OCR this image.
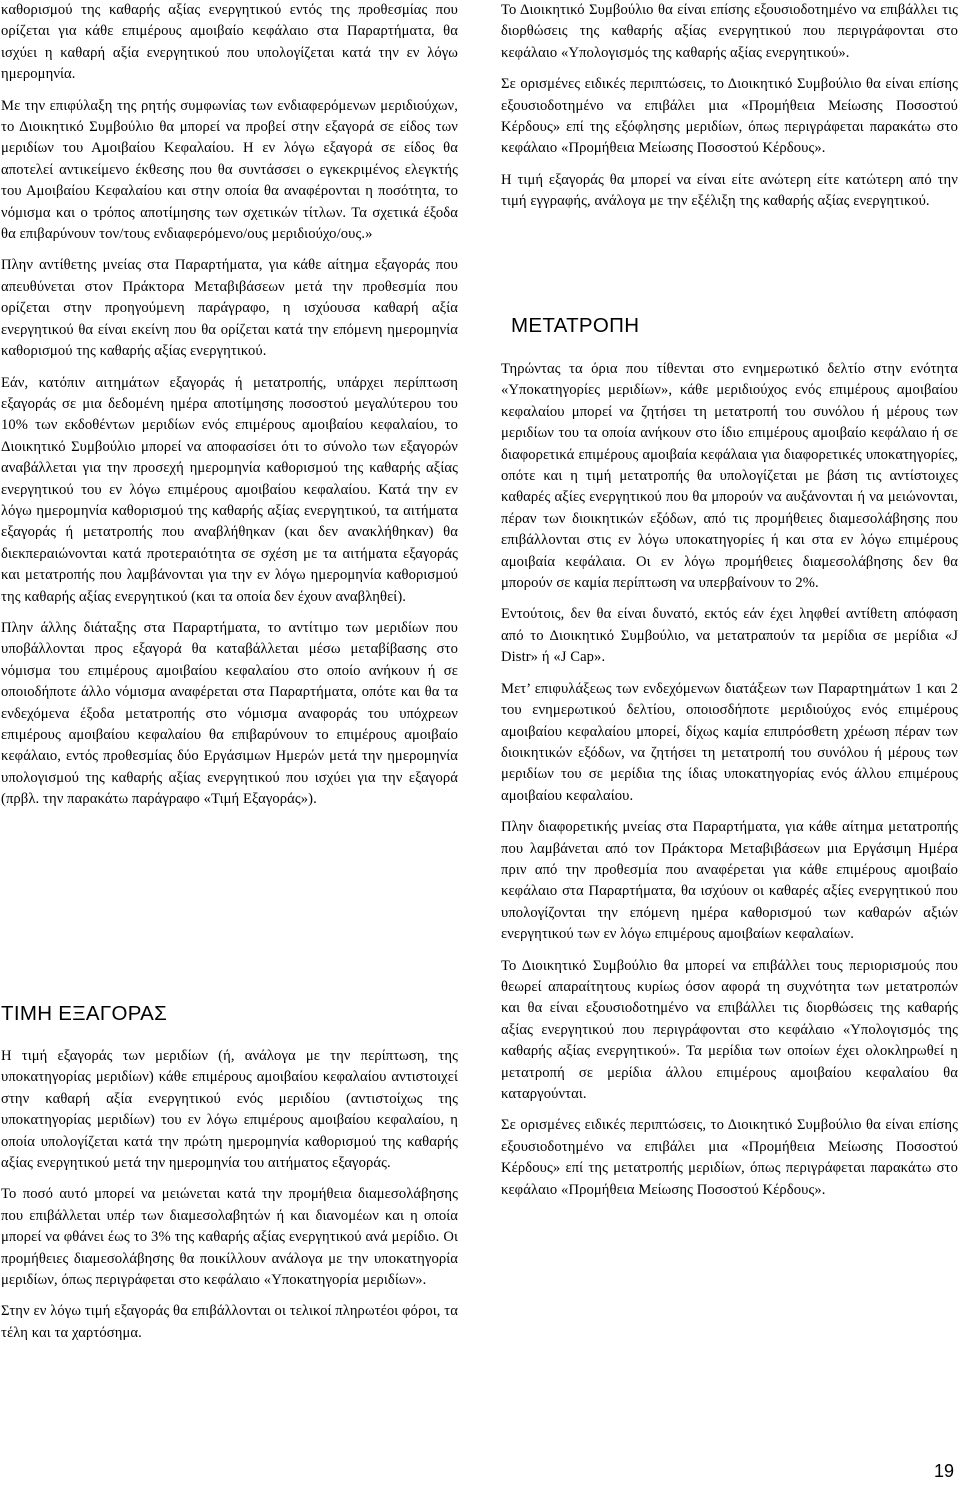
καθορισμού της καθαρής αξίας ενεργητικού εντός της προθεσμίας που ορίζεται για κάθε επιμέρους αμοιβαίο κεφάλαιο στα Παραρτήματα, θα ισχύει η καθαρή αξία ενεργητικού που υπολογίζεται κατά την εν λόγω ημερομηνία.

Με την επιφύλαξη της ρητής συμφωνίας των ενδιαφερόμενων μεριδιούχων, το Διοικητικό Συμβούλιο θα μπορεί να προβεί στην εξαγορά σε είδος των μεριδίων του Αμοιβαίου Κεφαλαίου. Η εν λόγω εξαγορά σε είδος θα αποτελεί αντικείμενο έκθεσης που θα συντάσσει ο εγκεκριμένος ελεγκτής του Αμοιβαίου Κεφαλαίου και στην οποία θα αναφέρονται η ποσότητα, το νόμισμα και ο τρόπος αποτίμησης των σχετικών τίτλων. Τα σχετικά έξοδα θα επιβαρύνουν τον/τους ενδιαφερόμενο/ους μεριδιούχο/ους.»

Πλην αντίθετης μνείας στα Παραρτήματα, για κάθε αίτημα εξαγοράς που απευθύνεται στον Πράκτορα Μεταβιβάσεων μετά την προθεσμία που ορίζεται στην προηγούμενη παράγραφο, η ισχύουσα καθαρή αξία ενεργητικού θα είναι εκείνη που θα ορίζεται κατά την επόμενη ημερομηνία καθορισμού της καθαρής αξίας ενεργητικού.

Εάν, κατόπιν αιτημάτων εξαγοράς ή μετατροπής, υπάρχει περίπτωση εξαγοράς σε μια δεδομένη ημέρα αποτίμησης ποσοστού μεγαλύτερου του 10% των εκδοθέντων μεριδίων ενός επιμέρους αμοιβαίου κεφαλαίου, το Διοικητικό Συμβούλιο μπορεί να αποφασίσει ότι το σύνολο των εξαγορών αναβάλλεται για την προσεχή ημερομηνία καθορισμού της καθαρής αξίας ενεργητικού του εν λόγω επιμέρους αμοιβαίου κεφαλαίου. Κατά την εν λόγω ημερομηνία καθορισμού της καθαρής αξίας ενεργητικού, τα αιτήματα εξαγοράς ή μετατροπής που αναβλήθηκαν (και δεν ανακλήθηκαν) θα διεκπεραιώνονται κατά προτεραιότητα σε σχέση με τα αιτήματα εξαγοράς και μετατροπής που λαμβάνονται για την εν λόγω ημερομηνία καθορισμού της καθαρής αξίας ενεργητικού (και τα οποία δεν έχουν αναβληθεί).

Πλην άλλης διάταξης στα Παραρτήματα, το αντίτιμο των μεριδίων που υποβάλλονται προς εξαγορά θα καταβάλλεται μέσω μεταβίβασης στο νόμισμα του επιμέρους αμοιβαίου κεφαλαίου στο οποίο ανήκουν ή σε οποιοδήποτε άλλο νόμισμα αναφέρεται στα Παραρτήματα, οπότε και θα τα ενδεχόμενα έξοδα μετατροπής στο νόμισμα αναφοράς του υπόχρεων επιμέρους αμοιβαίου κεφαλαίου θα επιβαρύνουν το επιμέρους αμοιβαίο κεφάλαιο, εντός προθεσμίας δύο Εργάσιμων Ημερών μετά την ημερομηνία υπολογισμού της καθαρής αξίας ενεργητικού που ισχύει για την εξαγορά (πρβλ. την παρακάτω παράγραφο «Τιμή Εξαγοράς»).

ΤΙΜΗ ΕΞΑΓΟΡΑΣ

Η τιμή εξαγοράς των μεριδίων (ή, ανάλογα με την περίπτωση, της υποκατηγορίας μεριδίων) κάθε επιμέρους αμοιβαίου κεφαλαίου αντιστοιχεί στην καθαρή αξία ενεργητικού ενός μεριδίου (αντιστοίχως της υποκατηγορίας μεριδίων) του εν λόγω επιμέρους αμοιβαίου κεφαλαίου, η οποία υπολογίζεται κατά την πρώτη ημερομηνία καθορισμού της καθαρής αξίας ενεργητικού μετά την ημερομηνία του αιτήματος εξαγοράς.

Το ποσό αυτό μπορεί να μειώνεται κατά την προμήθεια διαμεσολάβησης που επιβάλλεται υπέρ των διαμεσολαβητών ή και διανομέων και η οποία μπορεί να φθάνει έως το 3% της καθαρής αξίας ενεργητικού ανά μερίδιο. Οι προμήθειες διαμεσολάβησης θα ποικίλλουν ανάλογα με την υποκατηγορία μεριδίων, όπως περιγράφεται στο κεφάλαιο «Υποκατηγορία μεριδίων».

Στην εν λόγω τιμή εξαγοράς θα επιβάλλονται οι τελικοί πληρωτέοι φόροι, τα τέλη και τα χαρτόσημα.

Το Διοικητικό Συμβούλιο θα είναι επίσης εξουσιοδοτημένο να επιβάλλει τις διορθώσεις της καθαρής αξίας ενεργητικού που περιγράφονται στο κεφάλαιο «Υπολογισμός της καθαρής αξίας ενεργητικού».

Σε ορισμένες ειδικές περιπτώσεις, το Διοικητικό Συμβούλιο θα είναι επίσης εξουσιοδοτημένο να επιβάλει μια «Προμήθεια Μείωσης Ποσοστού Κέρδους» επί της εξόφλησης μεριδίων, όπως περιγράφεται παρακάτω στο κεφάλαιο «Προμήθεια Μείωσης Ποσοστού Κέρδους».

Η τιμή εξαγοράς θα μπορεί να είναι είτε ανώτερη είτε κατώτερη από την τιμή εγγραφής, ανάλογα με την εξέλιξη της καθαρής αξίας ενεργητικού.

ΜΕΤΑΤΡΟΠΗ

Τηρώντας τα όρια που τίθενται στο ενημερωτικό δελτίο στην ενότητα «Υποκατηγορίες μεριδίων», κάθε μεριδιούχος ενός επιμέρους αμοιβαίου κεφαλαίου μπορεί να ζητήσει τη μετατροπή του συνόλου ή μέρους των μεριδίων του τα οποία ανήκουν στο ίδιο επιμέρους αμοιβαίο κεφάλαιο ή σε διαφορετικά επιμέρους αμοιβαία κεφάλαια για διαφορετικές υποκατηγορίες, οπότε και η τιμή μετατροπής θα υπολογίζεται με βάση τις αντίστοιχες καθαρές αξίες ενεργητικού που θα μπορούν να αυξάνονται ή να μειώνονται, πέραν των διοικητικών εξόδων, από τις προμήθειες διαμεσολάβησης που επιβάλλονται στις εν λόγω υποκατηγορίες ή και στα εν λόγω επιμέρους αμοιβαία κεφάλαια. Οι εν λόγω προμήθειες διαμεσολάβησης δεν θα μπορούν σε καμία περίπτωση να υπερβαίνουν το 2%.

Εντούτοις, δεν θα είναι δυνατό, εκτός εάν έχει ληφθεί αντίθετη απόφαση από το Διοικητικό Συμβούλιο, να μετατραπούν τα μερίδια σε μερίδια «J Distr» ή «J Cap».

Μετ’ επιφυλάξεως των ενδεχόμενων διατάξεων των Παραρτημάτων 1 και 2 του ενημερωτικού δελτίου, οποιοσδήποτε μεριδιούχος ενός επιμέρους αμοιβαίου κεφαλαίου μπορεί, δίχως καμία επιπρόσθετη χρέωση πέραν των διοικητικών εξόδων, να ζητήσει τη μετατροπή του συνόλου ή μέρους των μεριδίων του σε μερίδια της ίδιας υποκατηγορίας ενός άλλου επιμέρους αμοιβαίου κεφαλαίου.

Πλην διαφορετικής μνείας στα Παραρτήματα, για κάθε αίτημα μετατροπής που λαμβάνεται από τον Πράκτορα Μεταβιβάσεων μια Εργάσιμη Ημέρα πριν από την προθεσμία που αναφέρεται για κάθε επιμέρους αμοιβαίο κεφάλαιο στα Παραρτήματα, θα ισχύουν οι καθαρές αξίες ενεργητικού που υπολογίζονται την επόμενη ημέρα καθορισμού των καθαρών αξιών ενεργητικού των εν λόγω επιμέρους αμοιβαίων κεφαλαίων.

Το Διοικητικό Συμβούλιο θα μπορεί να επιβάλλει τους περιορισμούς που θεωρεί απαραίτητους κυρίως όσον αφορά τη συχνότητα των μετατροπών και θα είναι εξουσιοδοτημένο να επιβάλλει τις διορθώσεις της καθαρής αξίας ενεργητικού που περιγράφονται στο κεφάλαιο «Υπολογισμός της καθαρής αξίας ενεργητικού». Τα μερίδια των οποίων έχει ολοκληρωθεί η μετατροπή σε μερίδια άλλου επιμέρους αμοιβαίου κεφαλαίου θα καταργούνται.

Σε ορισμένες ειδικές περιπτώσεις, το Διοικητικό Συμβούλιο θα είναι επίσης εξουσιοδοτημένο να επιβάλει μια «Προμήθεια Μείωσης Ποσοστού Κέρδους» επί της μετατροπής μεριδίων, όπως περιγράφεται παρακάτω στο κεφάλαιο «Προμήθεια Μείωσης Ποσοστού Κέρδους».

19
